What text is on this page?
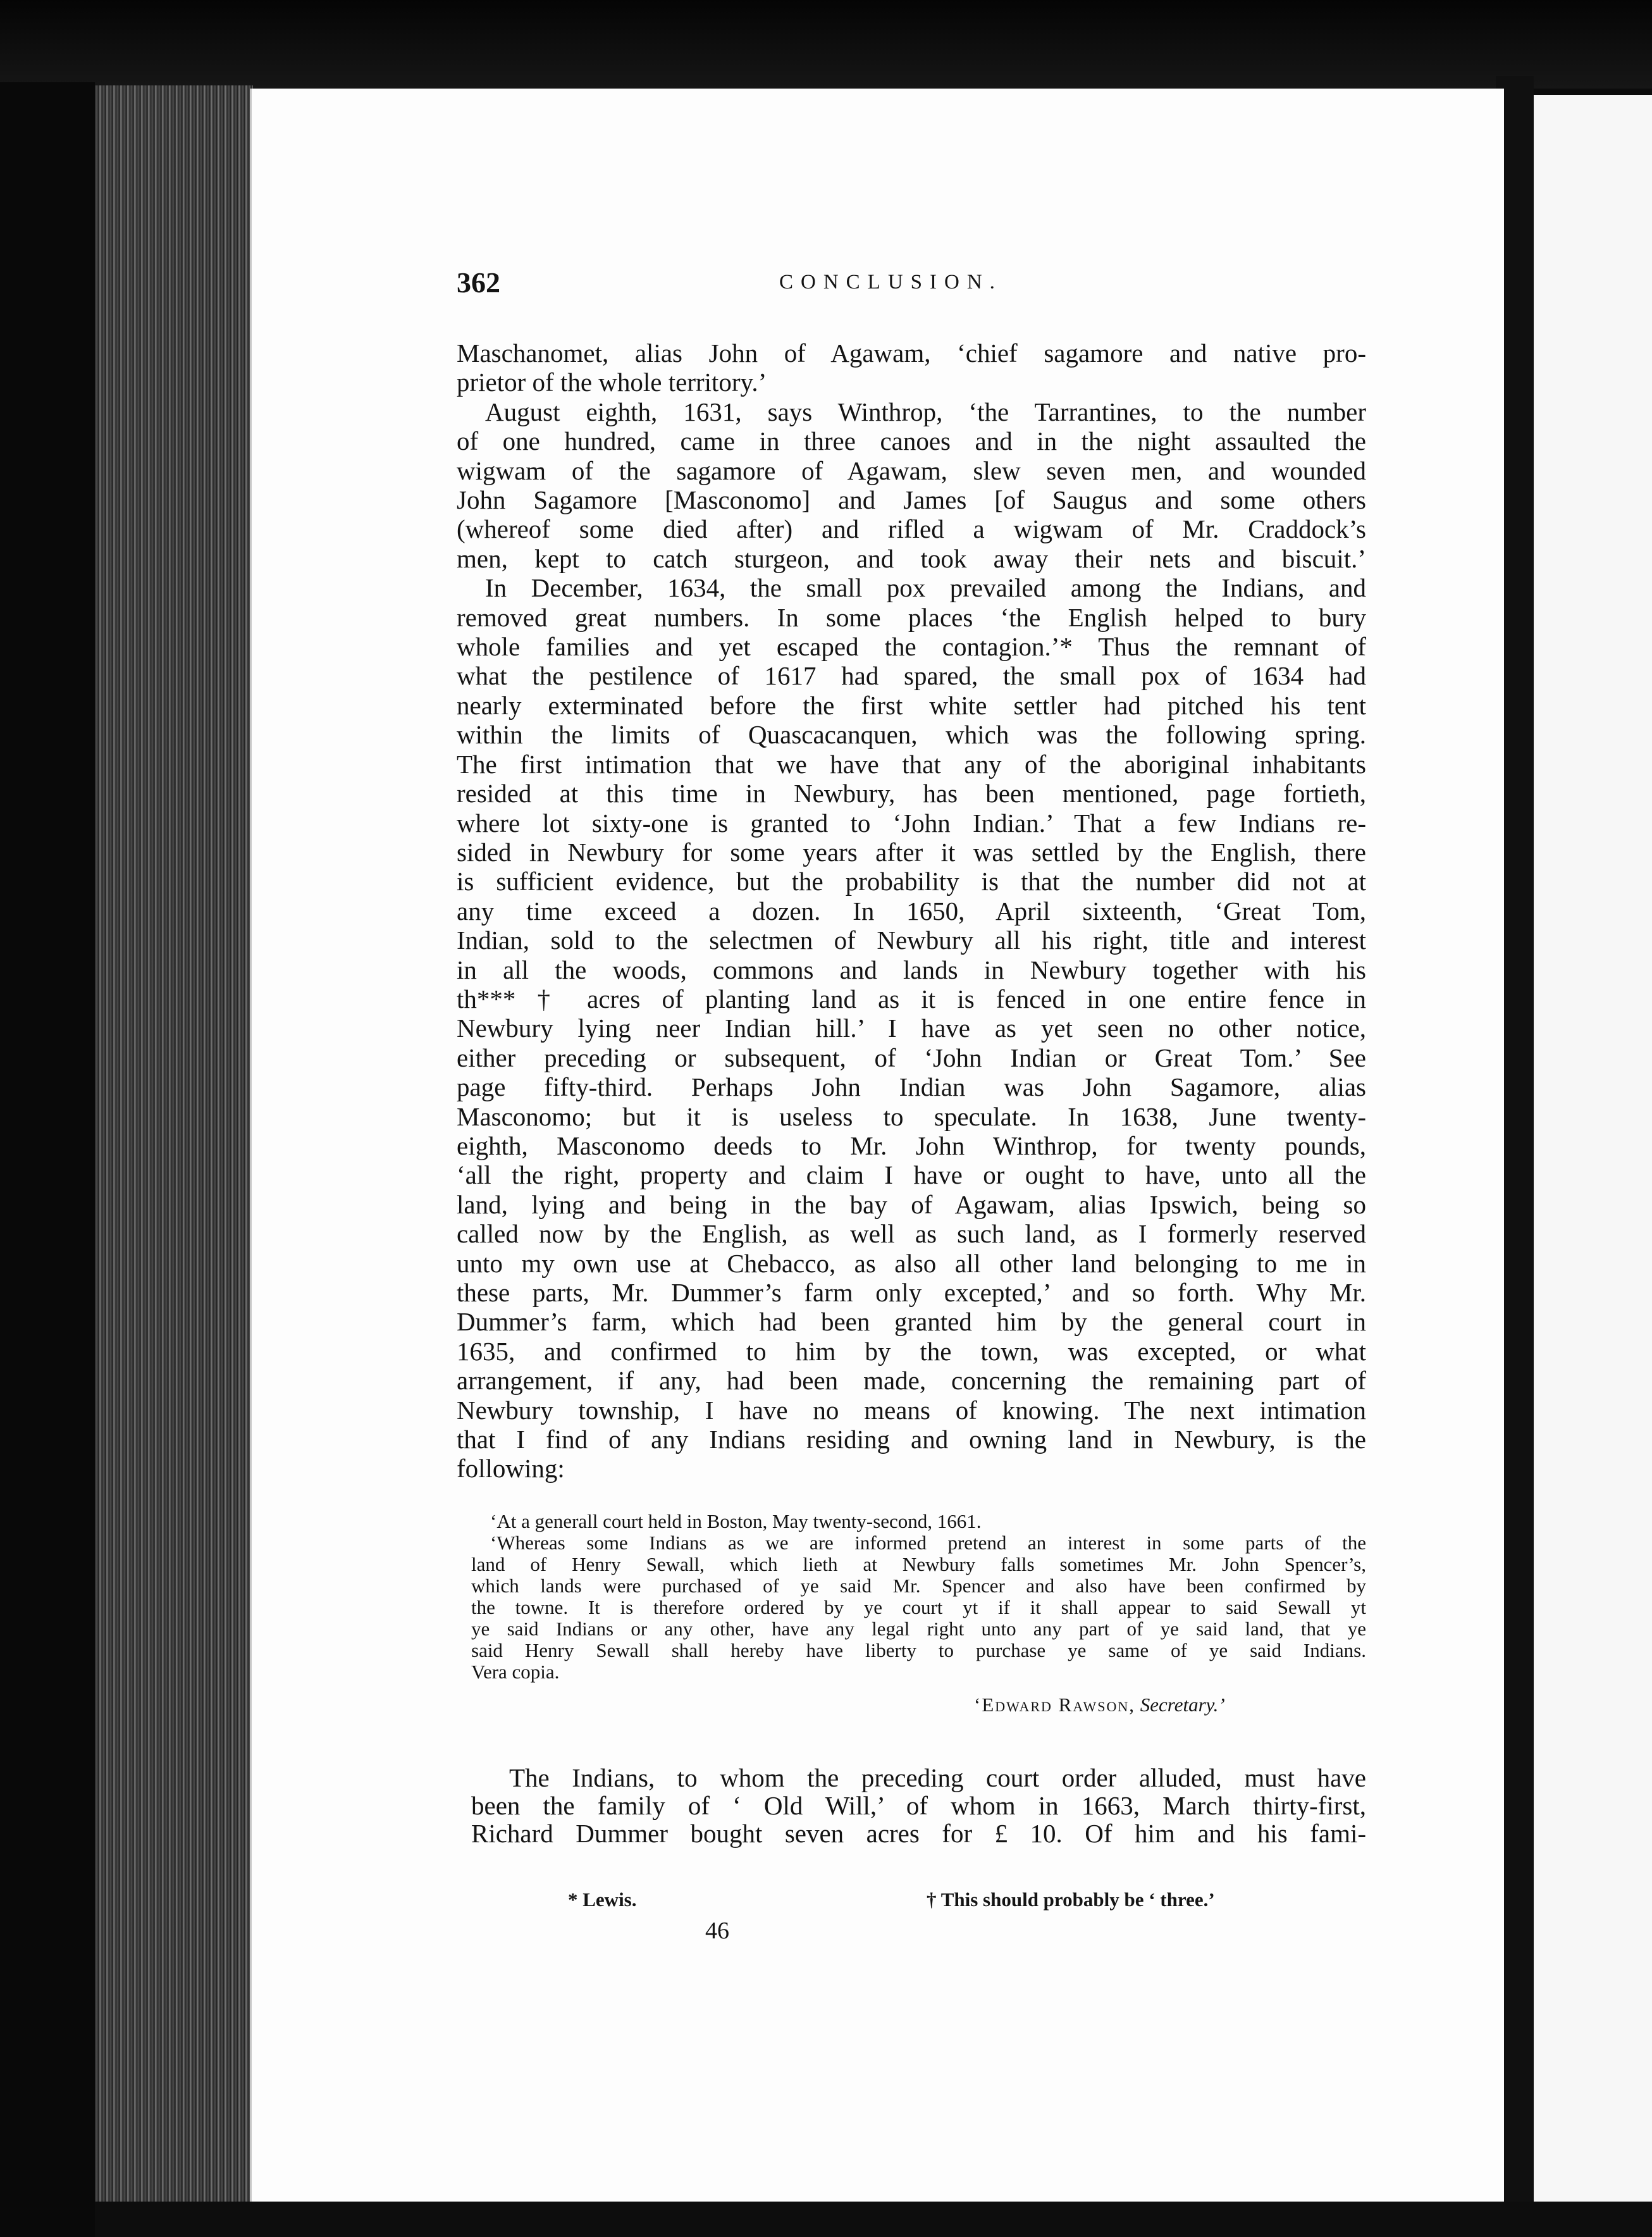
362	CONCLUSION.
Maschanomet, alias John of Agawam, ‘chief sagamore and native pro-
prietor of the whole territory.’
August eighth, 1631, says Winthrop, ‘the Tarrantines, to the number
of one hundred, came in three canoes and in the night assaulted the
wigwam of the sagamore of Agawam, slew seven men, and wounded
John Sagamore [Masconomo] and James [of Saugus and some others
(whereof some died after) and rifled a wigwam of Mr. Craddock’s
men, kept to catch sturgeon, and took away their nets and biscuit.’
In December, 1634, the small pox prevailed among the Indians, and
removed great numbers. In some places ‘the English helped to bury
whole families and yet escaped the contagion.’* Thus the remnant of
what the pestilence of 1617 had spared, the small pox of 1634 had
nearly exterminated before the first white settler had pitched his tent
within the limits of Quascacanquen, which was the following spring.
The first intimation that we have that any of the aboriginal inhabitants
resided at this time in Newbury, has been mentioned, page fortieth,
where lot sixty-one is granted to ‘John Indian.’ That a few Indians re-
sided in Newbury for some years after it was settled by the English, there
is sufficient evidence, but the probability is that the number did not at
any time exceed a dozen. In 1650, April sixteenth, ‘Great Tom,
Indian, sold to the selectmen of Newbury all his right, title and interest
in all the woods, commons and lands in Newbury together with his
th*** † acres of planting land as it is fenced in one entire fence in
Newbury lying neer Indian hill.’ I have as yet seen no other notice,
either preceding or subsequent, of ‘John Indian or Great Tom.’ See
page fifty-third. Perhaps John Indian was John Sagamore, alias
Masconomo; but it is useless to speculate. In 1638, June twenty-
eighth, Masconomo deeds to Mr. John Winthrop, for twenty pounds,
‘all the right, property and claim I have or ought to have, unto all the
land, lying and being in the bay of Agawam, alias Ipswich, being so
called now by the English, as well as such land, as I formerly reserved
unto my own use at Chebacco, as also all other land belonging to me in
these parts, Mr. Dummer’s farm only excepted,’ and so forth. Why Mr.
Dummer’s farm, which had been granted him by the general court in
1635, and confirmed to him by the town, was excepted, or what
arrangement, if any, had been made, concerning the remaining part of
Newbury township, I have no means of knowing. The next intimation
that I find of any Indians residing and owning land in Newbury, is the
following:
‘At a generall court held in Boston, May twenty-second, 1661.
‘Whereas some Indians as we are informed pretend an interest in some parts of the
land of Henry Sewall, which lieth at Newbury falls sometimes Mr. John Spencer’s,
which lands were purchased of ye said Mr. Spencer and also have been confirmed by
the towne. It is therefore ordered by ye court yt if it shall appear to said Sewall yt
ye said Indians or any other, have any legal right unto any part of ye said land, that ye
said Henry Sewall shall hereby have liberty to purchase ye same of ye said Indians.
Vera copia.
‘Edward Rawson, Secretary.’
The Indians, to whom the preceding court order alluded, must have
been the family of ‘ Old Will,’ of whom in 1663, March thirty-first,
Richard Dummer bought seven acres for £ 10. Of him and his fami-
* Lewis.	† This should probably be ‘ three.’
46
